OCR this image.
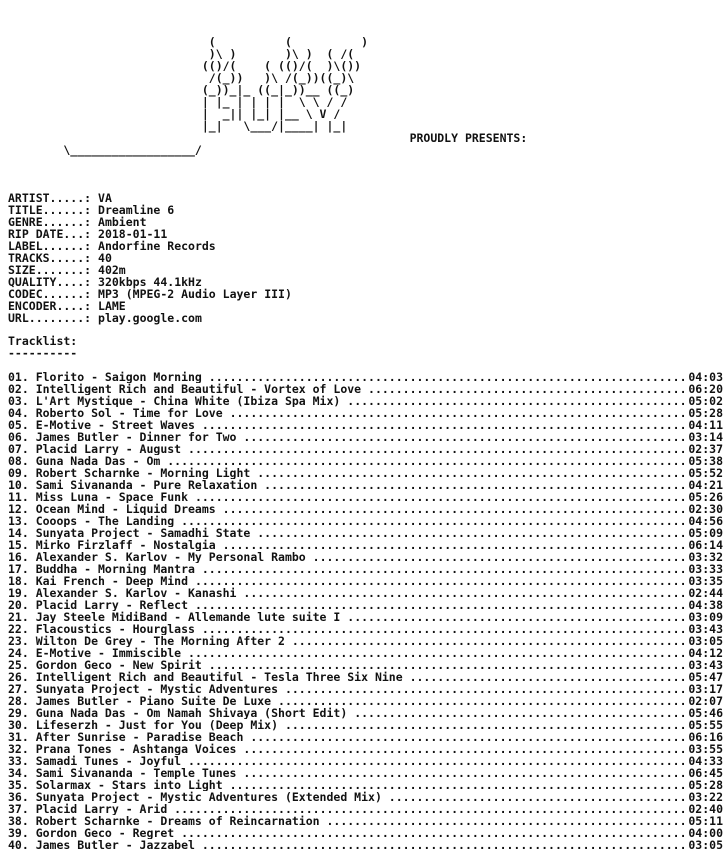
(          (          )
)\ )       )\ )  ( /(
(()/(    ( (()/(  )\())
/(_))   )\ /(_))((_)\
(_))_|_ ((_|_))__ ((_)
| |_ | | | |  \ \ / /
|  _|| |_| |__ \ V /
|_|   \___/|____| |_|
PROUDLY PRESENTS:
\__________________/
ARTIST.....: VA
TITLE......: Dreamline 6
GENRE......: Ambient
RIP DATE...: 2018-01-11
LABEL......: Andorfine Records
TRACKS.....: 40
SIZE.......: 402m
QUALITY....: 320kbps 44.1kHz
CODEC......: MP3 (MPEG-2 Audio Layer III)
ENCODER....: LAME
URL........: play.google.com
Tracklist:
----------
01. Florito - Saigon Morning .....	04:03
02. Intelligent Rich and Beautiful - Vortex of Love .....	06:20
03. L'Art Mystique - China White (Ibiza Spa Mix) .....	05:02
04. Roberto Sol - Time for Love .....	05:28
05. E-Motive - Street Waves .....	04:11
06. James Butler - Dinner for Two .....	03:14
07. Placid Larry - August .....	02:37
08. Guna Nada Das - Om .....	05:38
09. Robert Scharnke - Morning Light .....	05:52
10. Sami Sivananda - Pure Relaxation .....	04:21
11. Miss Luna - Space Funk .....	05:26
12. Ocean Mind - Liquid Dreams .....	02:30
13. Cooops - The Landing .....	04:56
14. Sunyata Project - Samadhi State .....	05:09
15. Mirko Firzlaff - Nostalgia .....	06:14
16. Alexander S. Karlov - My Personal Rambo .....	03:32
17. Buddha - Morning Mantra .....	03:33
18. Kai French - Deep Mind .....	03:35
19. Alexander S. Karlov - Kanashi .....	02:44
20. Placid Larry - Reflect .....	04:38
21. Jay Steele MidiBand - Allemande lute suite I .....	03:09
22. Flacoustics - Hourglass .....	03:43
23. Wilton De Grey - The Morning After 2 .....	03:05
24. E-Motive - Immiscible .....	04:12
25. Gordon Geco - New Spirit .....	03:43
26. Intelligent Rich and Beautiful - Tesla Three Six Nine .....	05:47
27. Sunyata Project - Mystic Adventures .....	03:17
28. James Butler - Piano Suite De Luxe .....	02:07
29. Guna Nada Das - Om Namah Shivaya (Short Edit) .....	05:46
30. Lifeserzh - Just for You (Deep Mix) .....	05:55
31. After Sunrise - Paradise Beach .....	06:16
32. Prana Tones - Ashtanga Voices .....	03:55
33. Samadi Tunes - Joyful .....	04:33
34. Sami Sivananda - Temple Tunes .....	06:45
35. Solarmax - Stars into Light .....	05:28
36. Sunyata Project - Mystic Adventures (Extended Mix) .....	03:22
37. Placid Larry - Arid .....	02:40
38. Robert Scharnke - Dreams of Reincarnation .....	05:11
39. Gordon Geco - Regret .....	04:00
40. James Butler - Jazzabel .....	03:05
